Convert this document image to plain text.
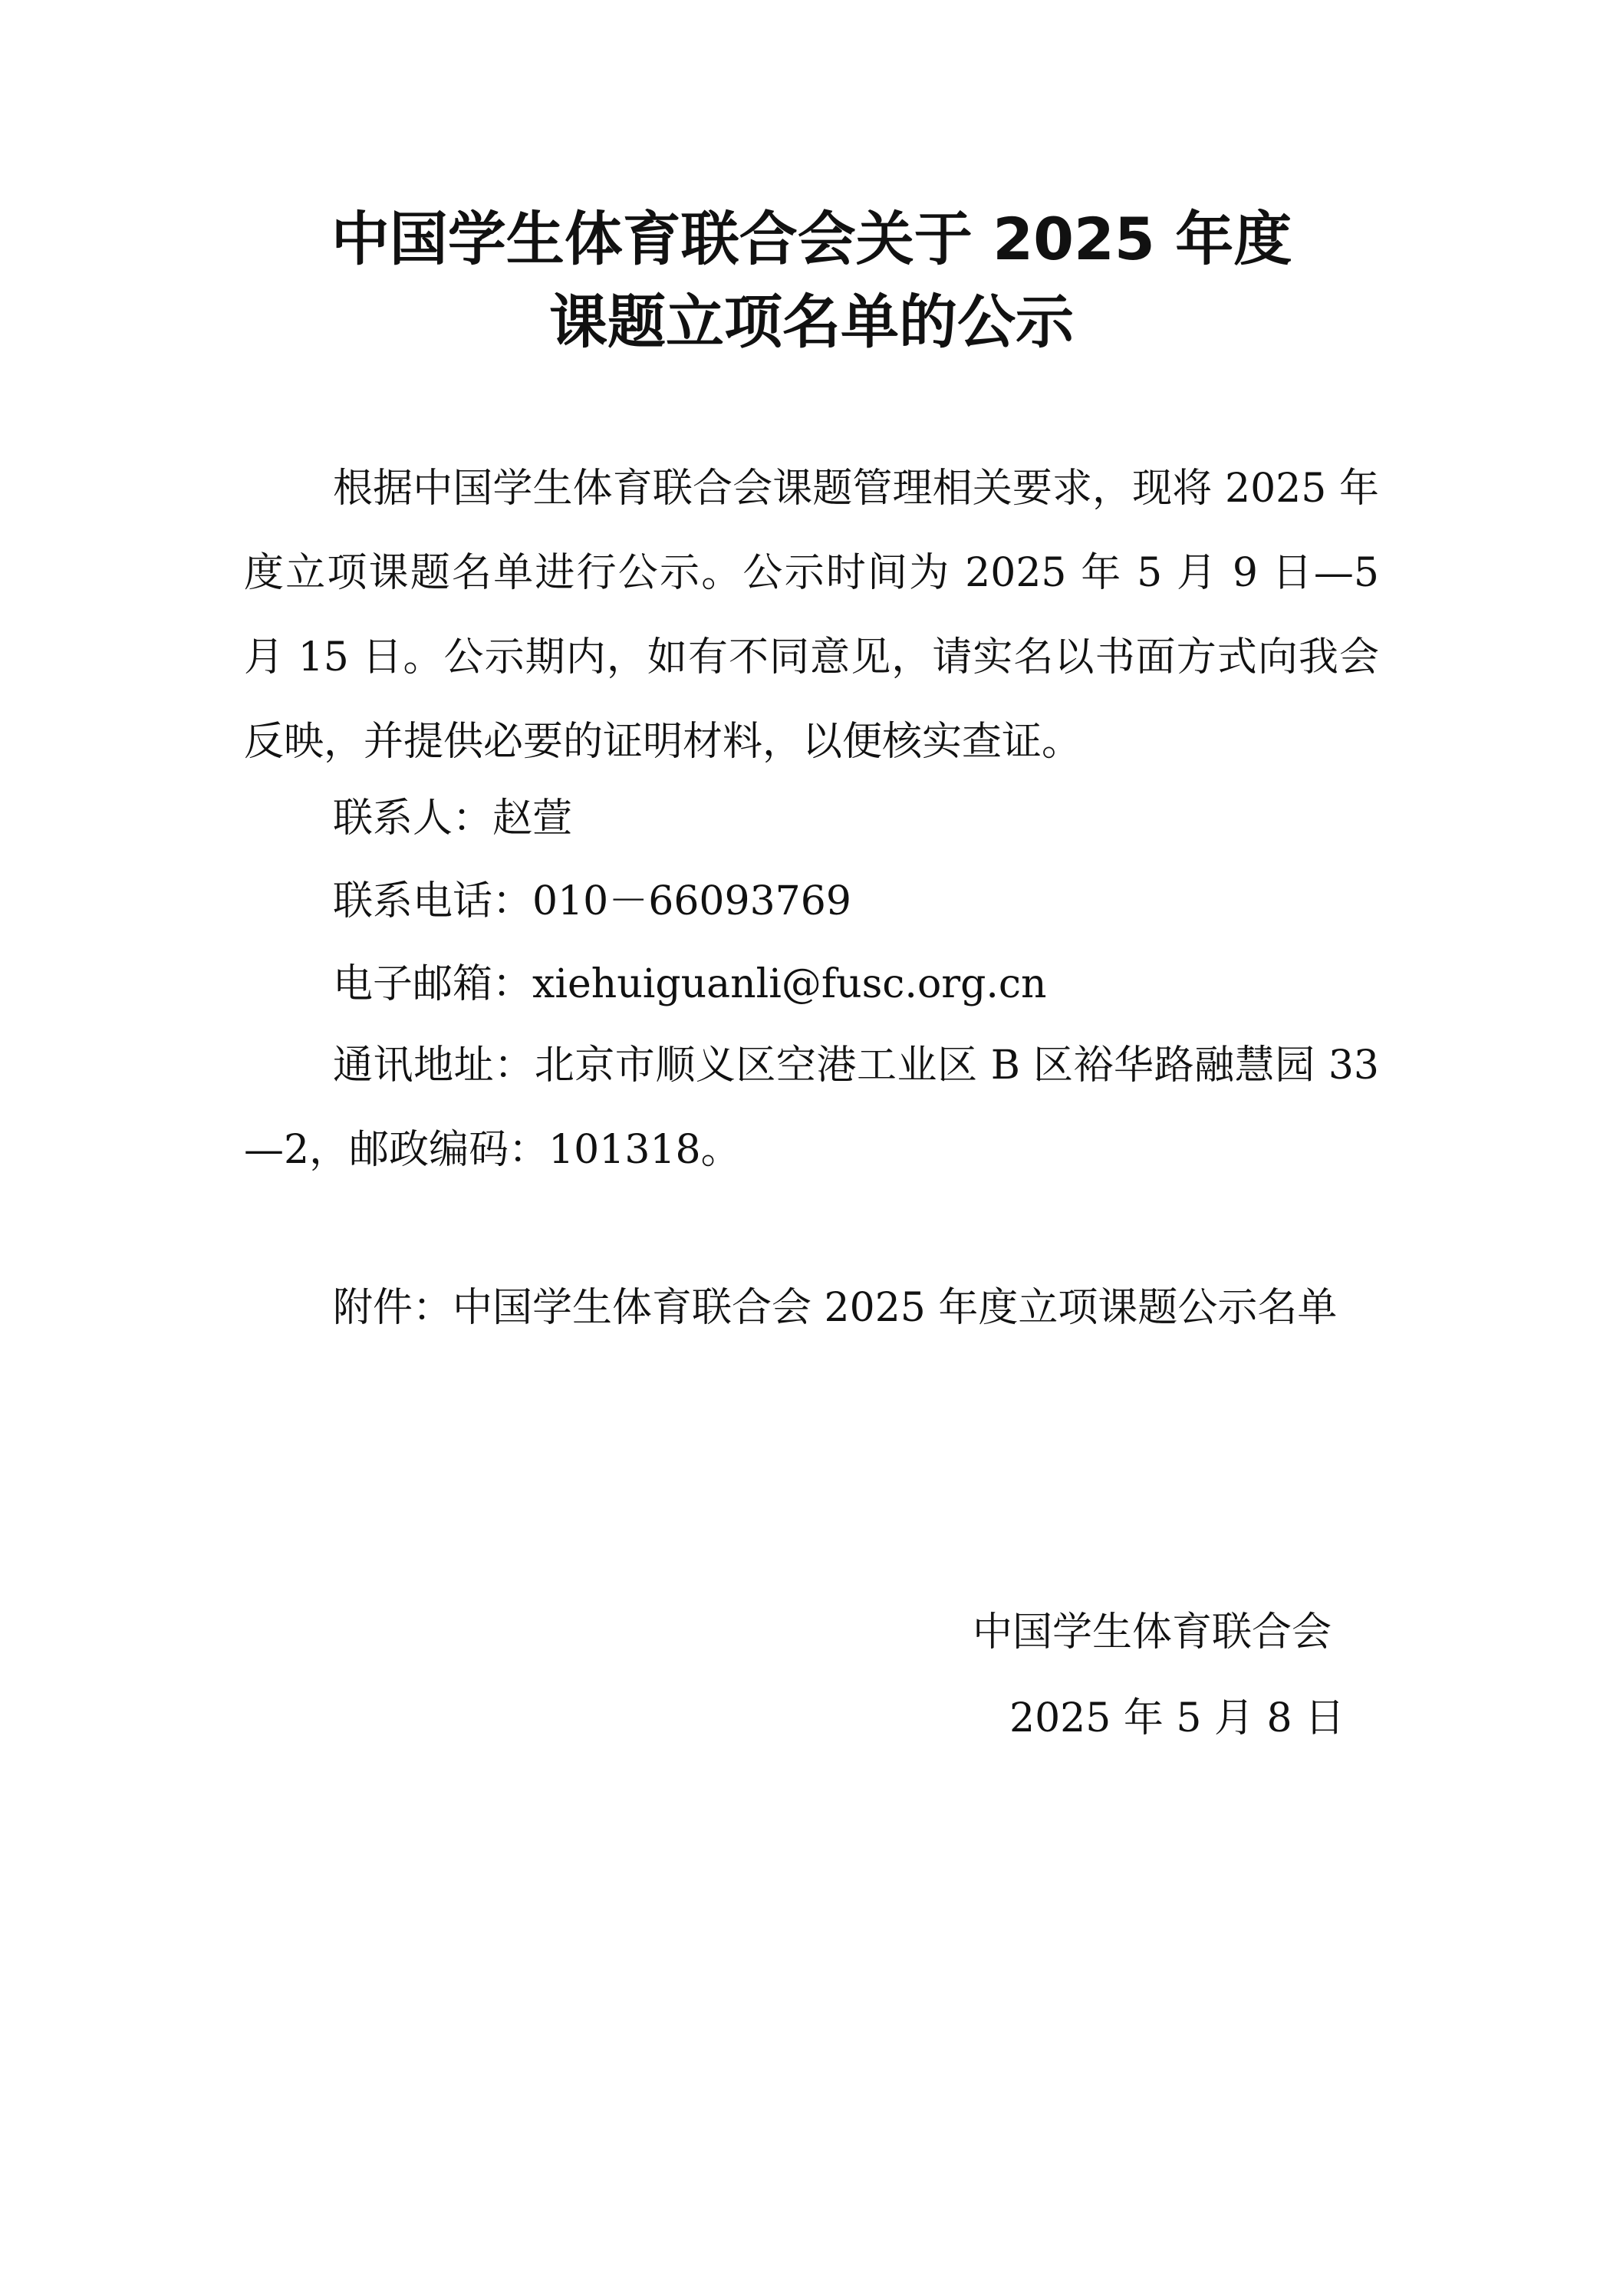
中国学生体育联合会关于 2025 年度
课题立项名单的公示

根据中国学生体育联合会课题管理相关要求，现将 2025 年度立项课题名单进行公示。公示时间为 2025 年 5 月 9 日—5 月 15 日。公示期内，如有不同意见，请实名以书面方式向我会反映，并提供必要的证明材料，以便核实查证。

联系人：赵萱
联系电话：010－66093769
电子邮箱：xiehuiguanli@fusc.org.cn

通讯地址：北京市顺义区空港工业区 B 区裕华路融慧园 33—2，邮政编码：101318。

附件：中国学生体育联合会 2025 年度立项课题公示名单

中国学生体育联合会
2025 年 5 月 8 日
